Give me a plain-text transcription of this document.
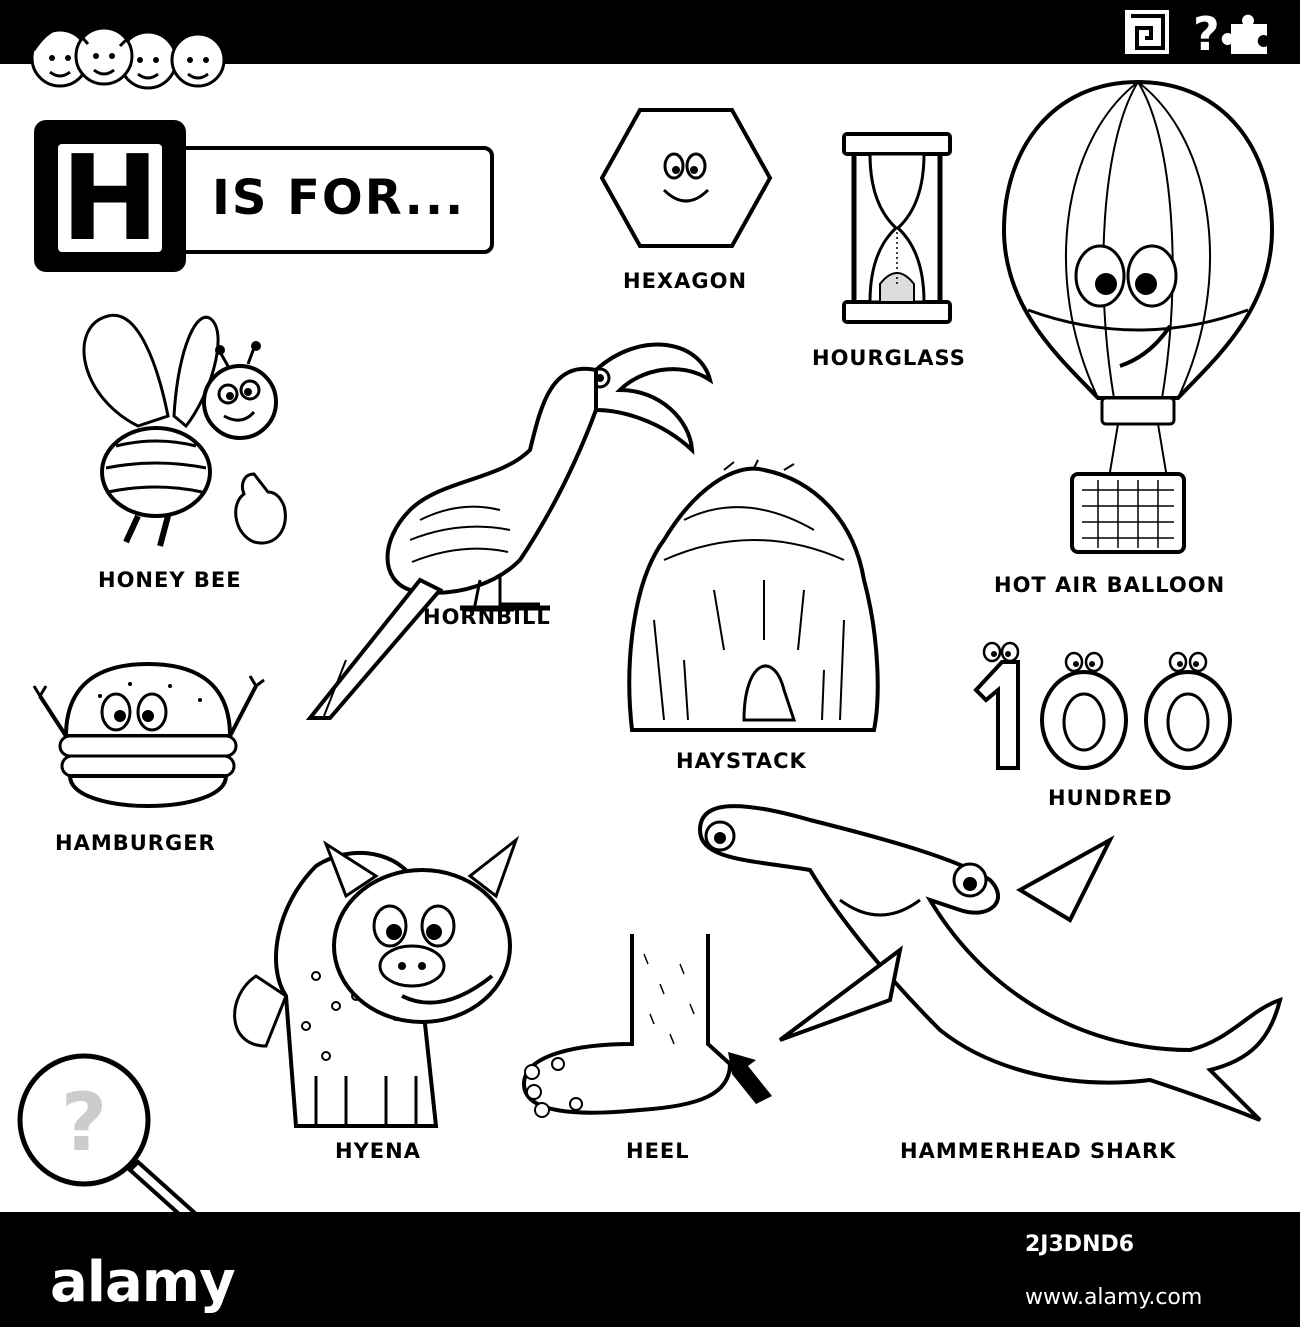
?
H IS FOR...
HEXAGON
HOURGLASS
HOT AIR BALLOON
HONEY BEE
HORNBILL
HAYSTACK
HAMBURGER
100
HUNDRED
HYENA	HEEL	HAMMERHEAD SHARK
?
alamy
2J3DND6
www.alamy.com
